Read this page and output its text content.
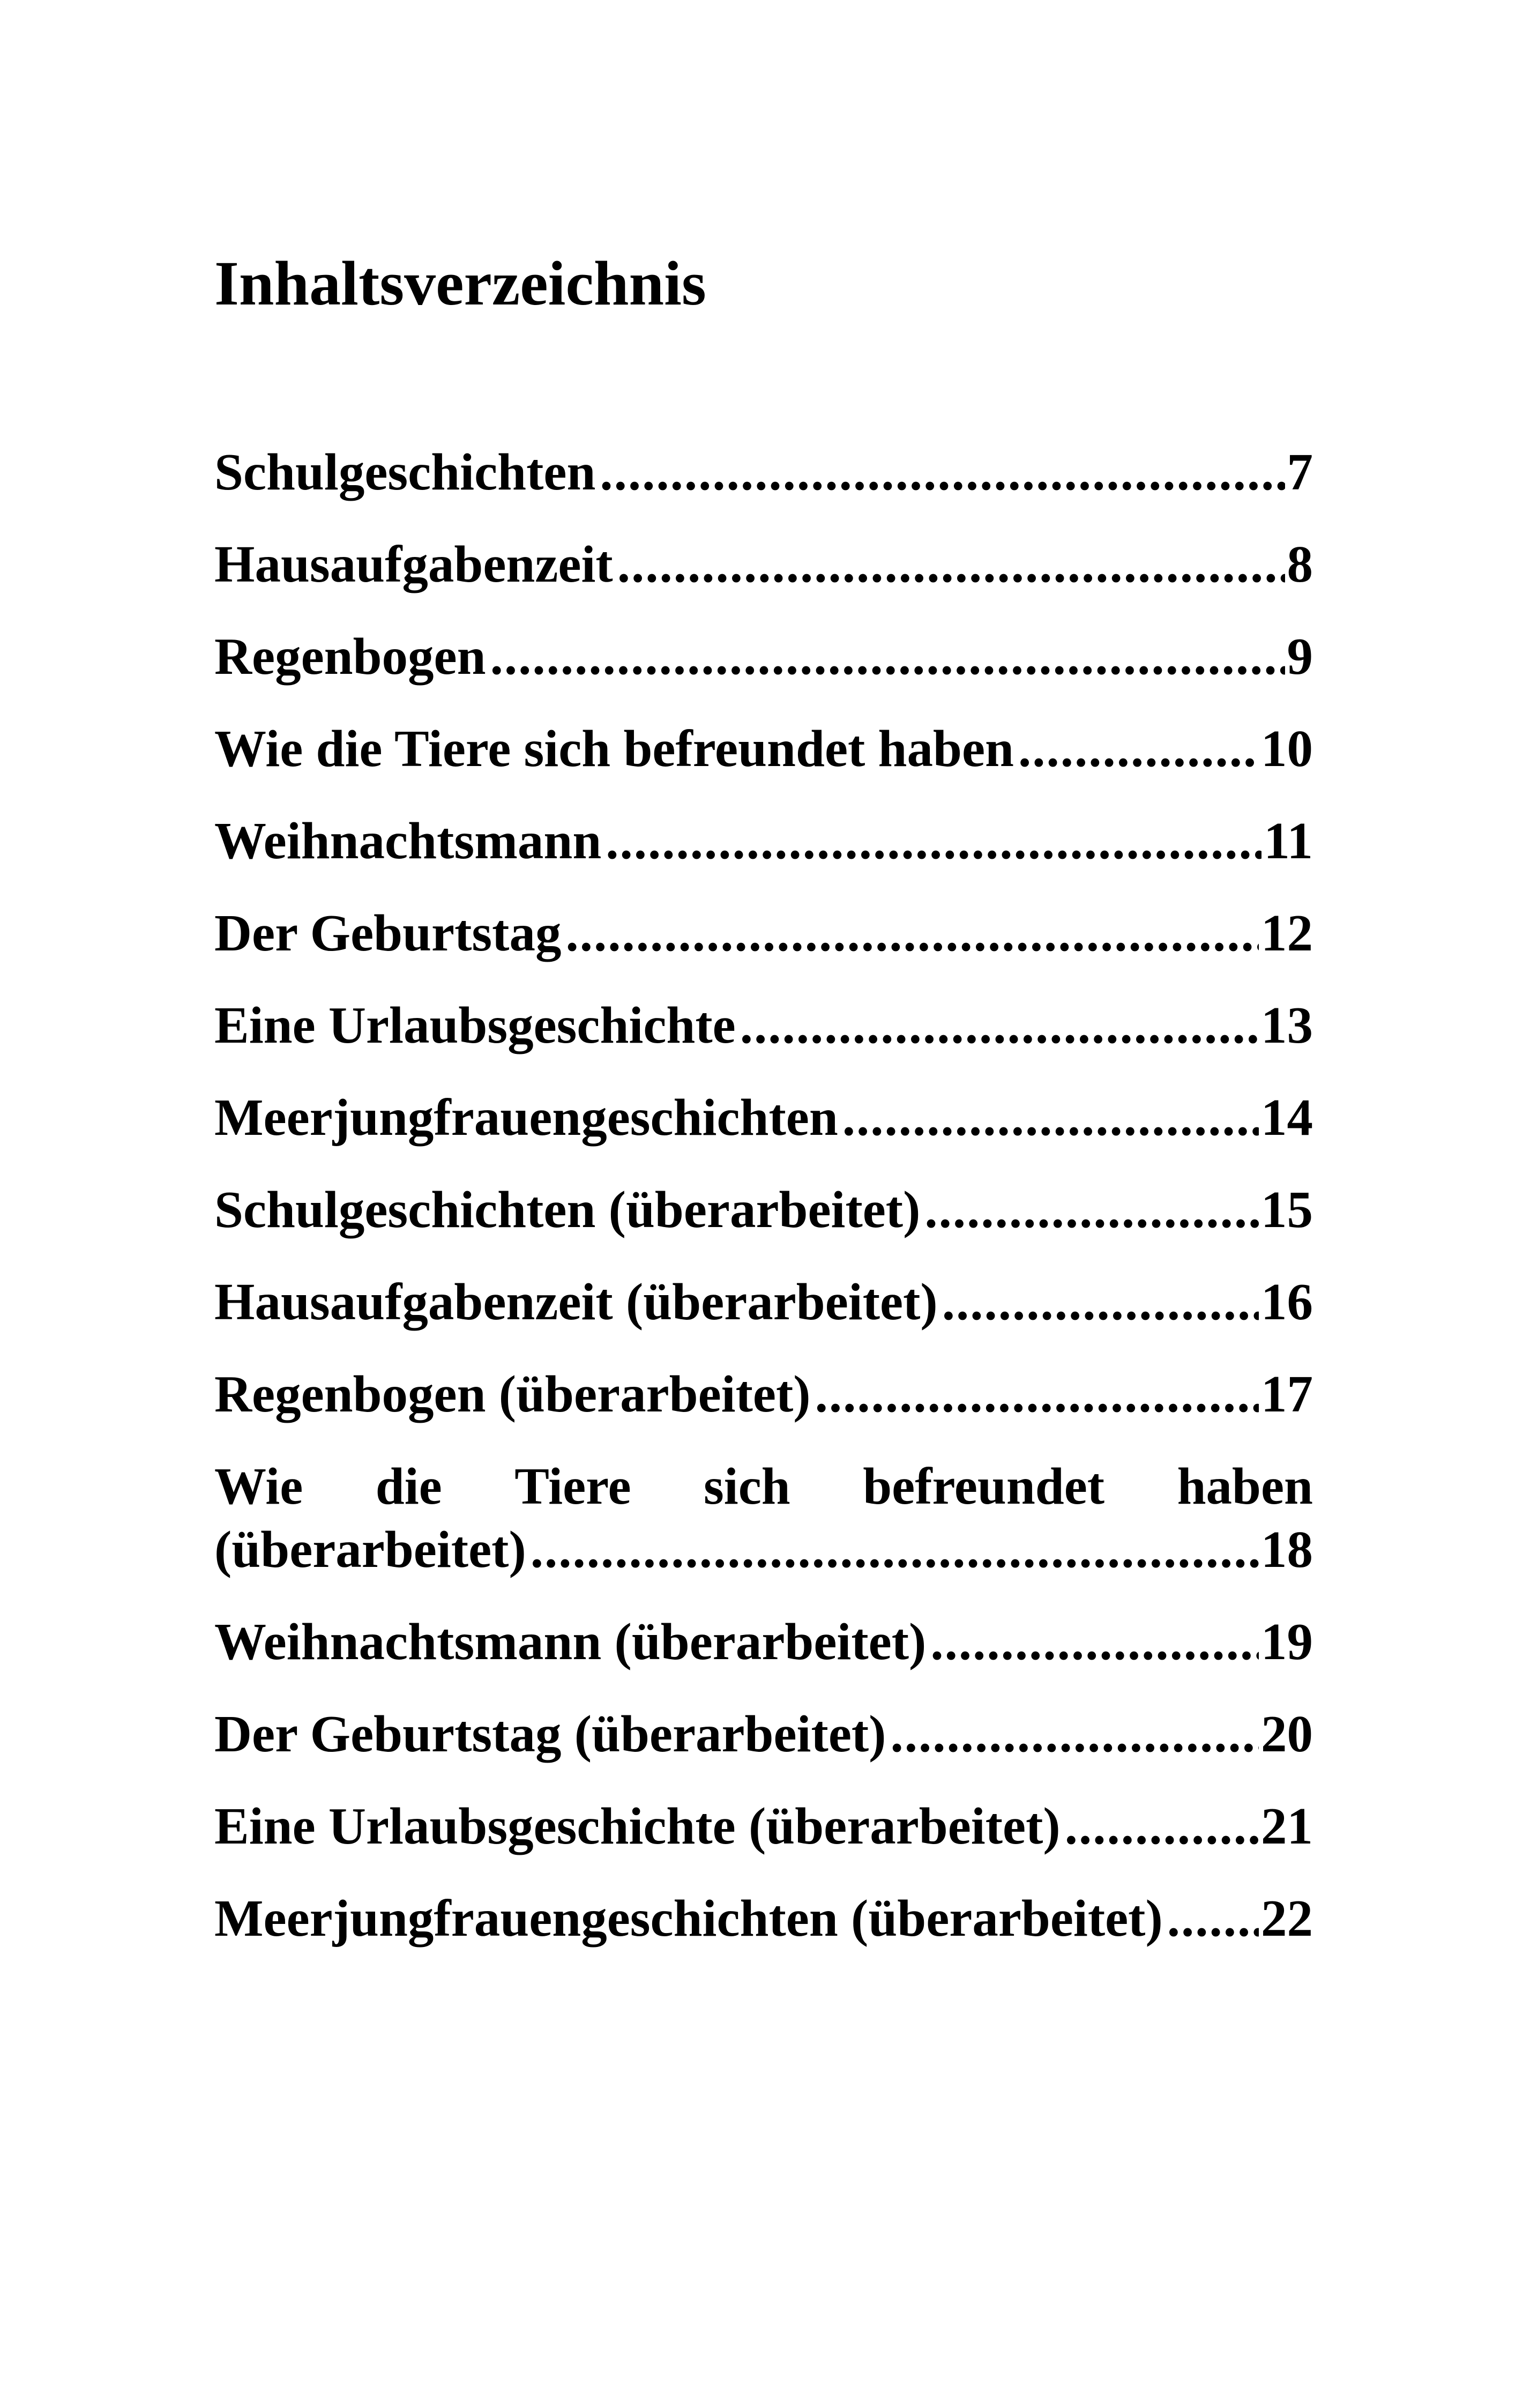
Inhaltsverzeichnis
Schulgeschichten .....	7
Hausaufgabenzeit .....	8
Regenbogen .....	9
Wie die Tiere sich befreundet haben .....	10
Weihnachtsmann .....	11
Der Geburtstag .....	12
Eine Urlaubsgeschichte .....	13
Meerjungfrauengeschichten .....	14
Schulgeschichten (überarbeitet) .....	15
Hausaufgabenzeit (überarbeitet) .....	16
Regenbogen (überarbeitet) .....	17
Wie die Tiere sich befreundet haben
(überarbeitet) .....	18
Weihnachtsmann (überarbeitet) .....	19
Der Geburtstag (überarbeitet) .....	20
Eine Urlaubsgeschichte (überarbeitet) .....	21
Meerjungfrauengeschichten (überarbeitet) ..... 22
